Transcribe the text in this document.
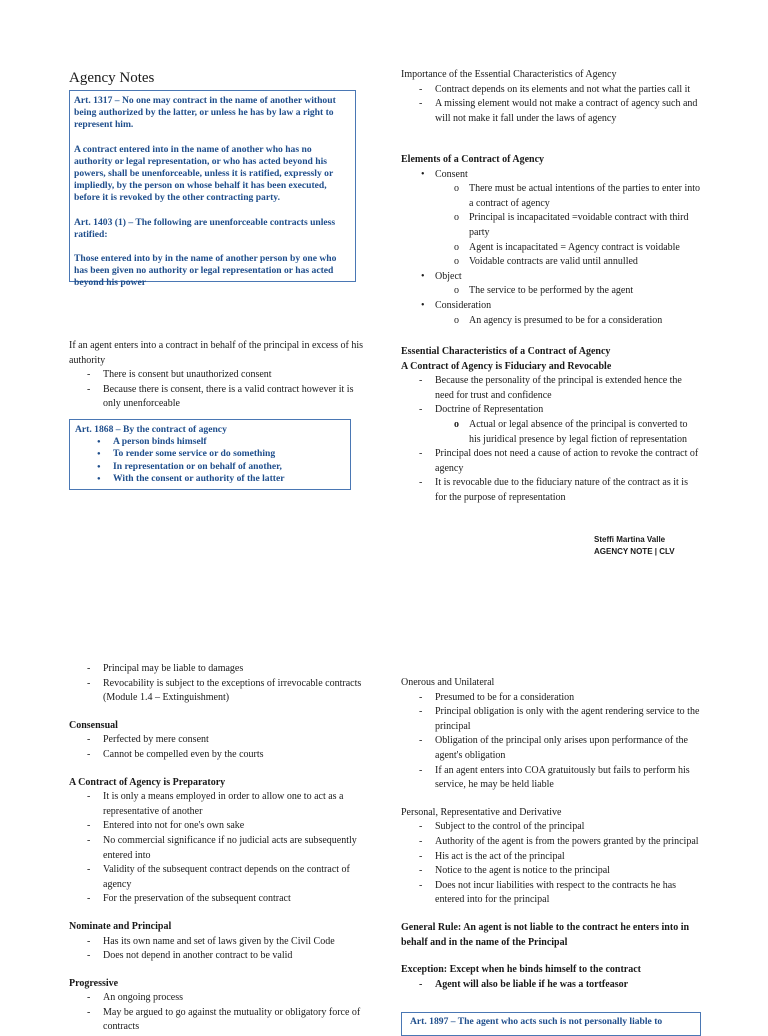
Agency Notes

Art. 1317 – No one may contract in the name of another without being authorized by the latter, or unless he has by law a right to represent him.

A contract entered into in the name of another who has no authority or legal representation, or who has acted beyond his powers, shall be unenforceable, unless it is ratified, expressly or impliedly, by the person on whose behalf it has been executed, before it is revoked by the other contracting party.

Art. 1403 (1) – The following are unenforceable contracts unless ratified:

Those entered into by in the name of another person by one who has been given no authority or legal representation or has acted beyond his power

If an agent enters into a contract in behalf of the principal in excess of his authority
- There is consent but unauthorized consent
- Because there is consent, there is a valid contract however it is only unenforceable
Art. 1868 – By the contract of agency
● A person binds himself
● To render some service or do something
● In representation or on behalf of another,
● With the consent or authority of the latter
Importance of the Essential Characteristics of Agency
- Contract depends on its elements and not what the parties call it
- A missing element would not make a contract of agency such and will not make it fall under the laws of agency
Elements of a Contract of Agency
• Consent
o There must be actual intentions of the parties to enter into a contract of agency
o Principal is incapacitated =voidable contract with third party
o Agent is incapacitated = Agency contract is voidable
o Voidable contracts are valid until annulled
• Object
o The service to be performed by the agent
• Consideration
o An agency is presumed to be for a consideration
Essential Characteristics of a Contract of Agency
A Contract of Agency is Fiduciary and Revocable
- Because the personality of the principal is extended hence the need for trust and confidence
- Doctrine of Representation
o Actual or legal absence of the principal is converted to his juridical presence by legal fiction of representation
- Principal does not need a cause of action to revoke the contract of agency
- It is revocable due to the fiduciary nature of the contract as it is for the purpose of representation
Steffi Martina Valle
AGENCY NOTE | CLV
- Principal may be liable to damages
- Revocability is subject to the exceptions of irrevocable contracts (Module 1.4 – Extinguishment)
Consensual
- Perfected by mere consent
- Cannot be compelled even by the courts
A Contract of Agency is Preparatory
- It is only a means employed in order to allow one to act as a representative of another
- Entered into not for one's own sake
- No commercial significance if no judicial acts are subsequently entered into
- Validity of the subsequent contract depends on the contract of agency
- For the preservation of the subsequent contract
Nominate and Principal
- Has its own name and set of laws given by the Civil Code
- Does not depend in another contract to be valid
Progressive
- An ongoing process
- May be argued to go against the mutuality or obligatory force of contracts
Onerous and Unilateral
- Presumed to be for a consideration
- Principal obligation is only with the agent rendering service to the principal
- Obligation of the principal only arises upon performance of the agent's obligation
- If an agent enters into COA gratuitously but fails to perform his service, he may be held liable
Personal, Representative and Derivative
- Subject to the control of the principal
- Authority of the agent is from the powers granted by the principal
- His act is the act of the principal
- Notice to the agent is notice to the principal
- Does not incur liabilities with respect to the contracts he has entered into for the principal
General Rule: An agent is not liable to the contract he enters into in behalf and in the name of the Principal
Exception: Except when he binds himself to the contract
- Agent will also be liable if he was a tortfeasor
Art. 1897 – The agent who acts such is not personally liable to
